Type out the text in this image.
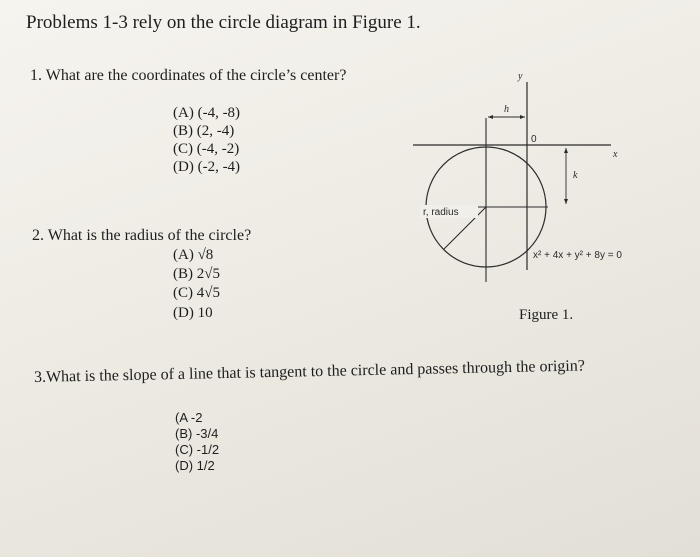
Problems 1-3 rely on the circle diagram in Figure 1.
1. What are the coordinates of the circle’s center?
(A) (-4, -8)
(B) (2, -4)
(C) (-4, -2)
(D) (-2, -4)
2. What is the radius of the circle?
(A) √8
(B) 2√5
(C) 4√5
(D) 10
3.What is the slope of a line that is tangent to the circle and passes through the origin?
(A -2
(B) -3/4
(C) -1/2
(D) 1/2
y
x
h
0
k
r, radius
x² + 4x + y² + 8y = 0
Figure 1.
